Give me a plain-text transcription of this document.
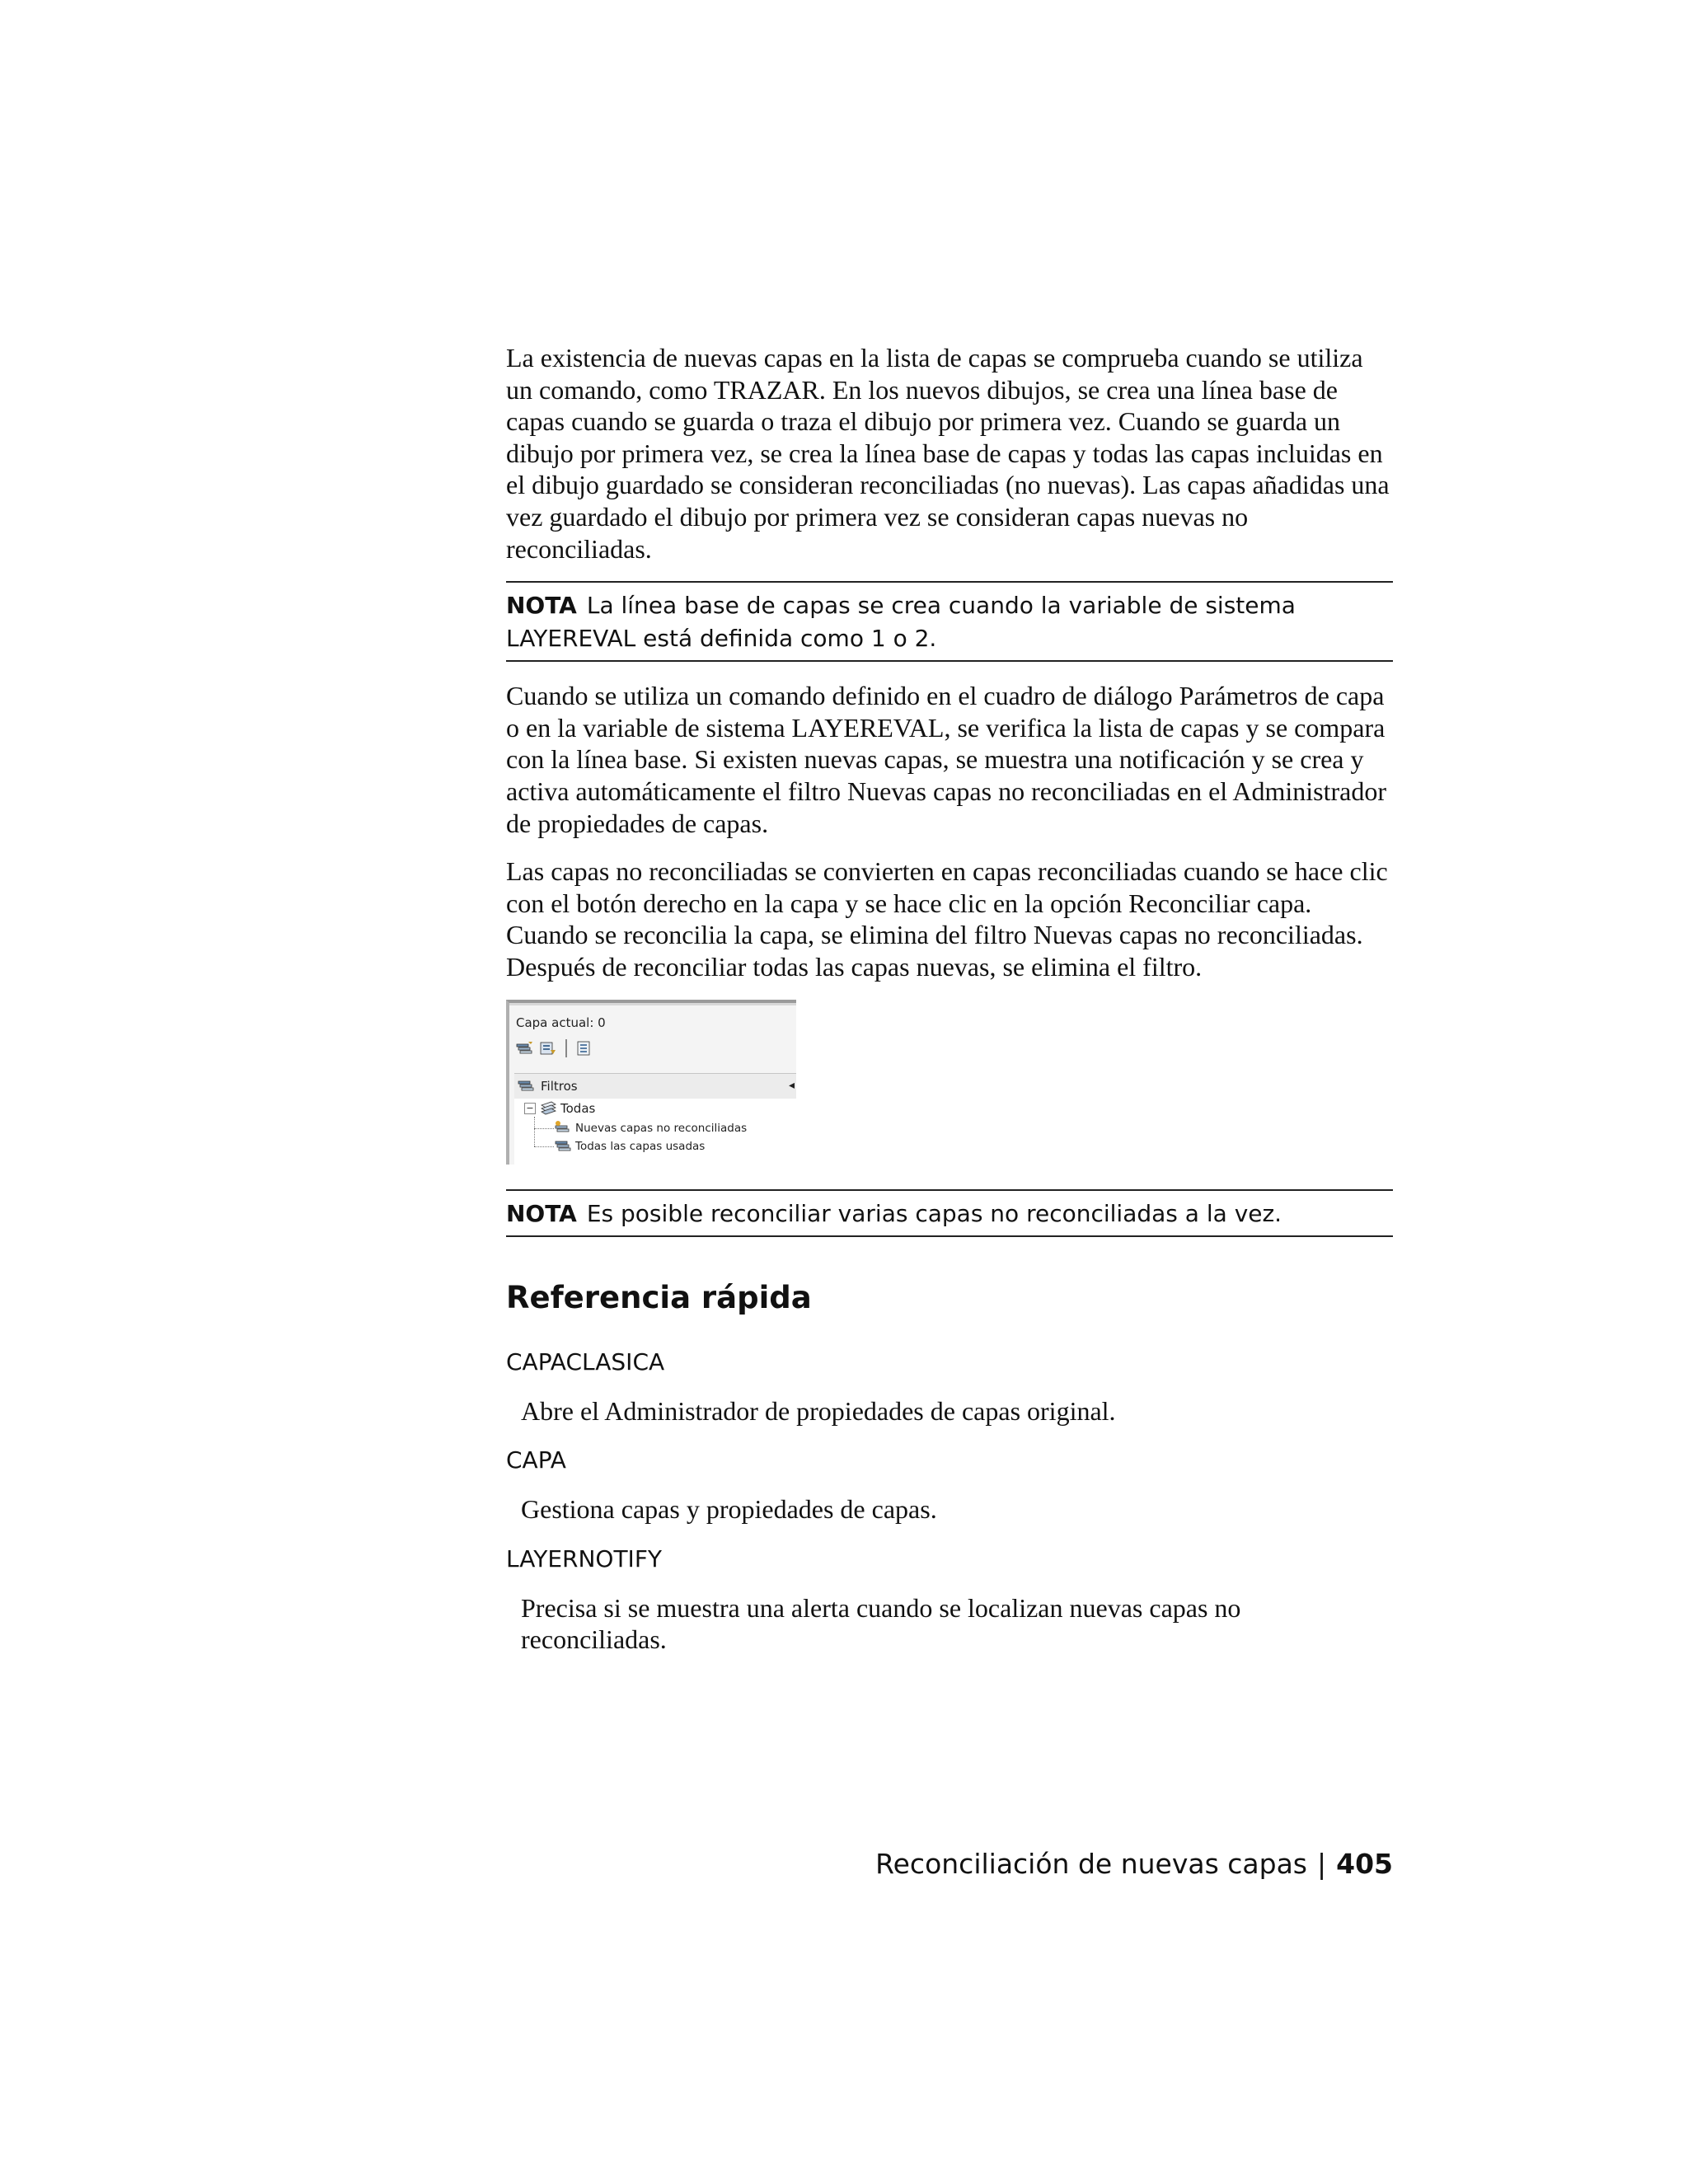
La existencia de nuevas capas en la lista de capas se comprueba cuando se utiliza un comando, como TRAZAR. En los nuevos dibujos, se crea una línea base de capas cuando se guarda o traza el dibujo por primera vez. Cuando se guarda un dibujo por primera vez, se crea la línea base de capas y todas las capas incluidas en el dibujo guardado se consideran reconciliadas (no nuevas). Las capas añadidas una vez guardado el dibujo por primera vez se consideran capas nuevas no reconciliadas.

NOTA La línea base de capas se crea cuando la variable de sistema LAYEREVAL está definida como 1 o 2.

Cuando se utiliza un comando definido en el cuadro de diálogo Parámetros de capa o en la variable de sistema LAYEREVAL, se verifica la lista de capas y se compara con la línea base. Si existen nuevas capas, se muestra una notificación y se crea y activa automáticamente el filtro Nuevas capas no reconciliadas en el Administrador de propiedades de capas.

Las capas no reconciliadas se convierten en capas reconciliadas cuando se hace clic con el botón derecho en la capa y se hace clic en la opción Reconciliar capa. Cuando se reconcilia la capa, se elimina del filtro Nuevas capas no reconciliadas. Después de reconciliar todas las capas nuevas, se elimina el filtro.

Capa actual: 0
Filtros	◂
− Todas
Nuevas capas no reconciliadas
Todas las capas usadas
NOTA Es posible reconciliar varias capas no reconciliadas a la vez.
Referencia rápida
CAPACLASICA
Abre el Administrador de propiedades de capas original.
CAPA
Gestiona capas y propiedades de capas.
LAYERNOTIFY
Precisa si se muestra una alerta cuando se localizan nuevas capas no reconciliadas.
Reconciliación de nuevas capas | 405
